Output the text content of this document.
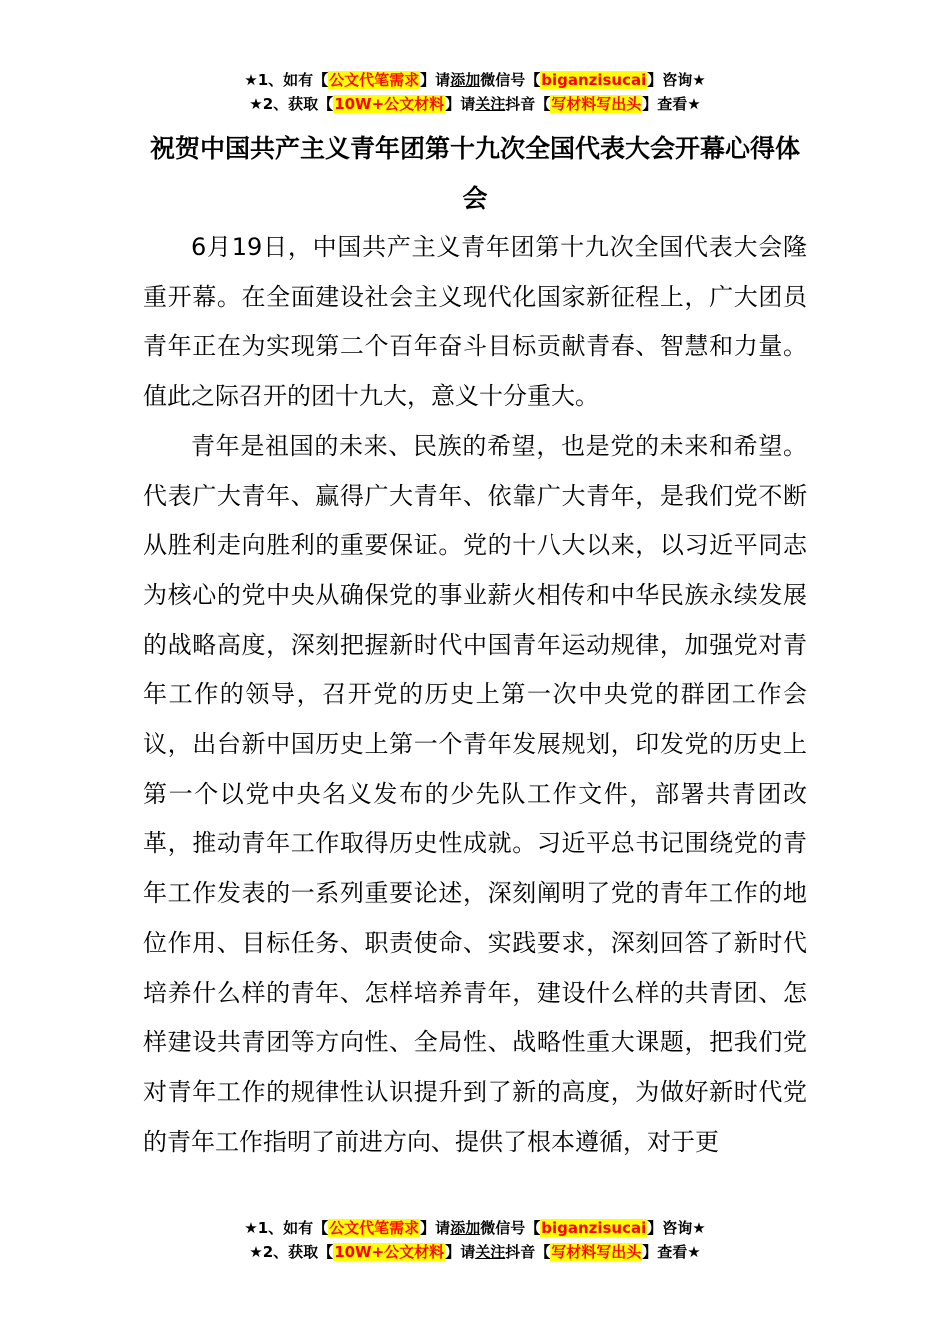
★1、如有【公文代笔需求】请添加微信号【biganzisucai】咨询★
★2、获取【10W+公文材料】请关注抖音【写材料写出头】查看★
祝贺中国共产主义青年团第十九次全国代表大会开幕心得体会

6月19日，中国共产主义青年团第十九次全国代表大会隆重开幕。在全面建设社会主义现代化国家新征程上，广大团员青年正在为实现第二个百年奋斗目标贡献青春、智慧和力量。值此之际召开的团十九大，意义十分重大。

青年是祖国的未来、民族的希望，也是党的未来和希望。代表广大青年、赢得广大青年、依靠广大青年，是我们党不断从胜利走向胜利的重要保证。党的十八大以来，以习近平同志为核心的党中央从确保党的事业薪火相传和中华民族永续发展的战略高度，深刻把握新时代中国青年运动规律，加强党对青年工作的领导，召开党的历史上第一次中央党的群团工作会议，出台新中国历史上第一个青年发展规划，印发党的历史上第一个以党中央名义发布的少先队工作文件，部署共青团改革，推动青年工作取得历史性成就。习近平总书记围绕党的青年工作发表的一系列重要论述，深刻阐明了党的青年工作的地位作用、目标任务、职责使命、实践要求，深刻回答了新时代培养什么样的青年、怎样培养青年，建设什么样的共青团、怎样建设共青团等方向性、全局性、战略性重大课题，把我们党对青年工作的规律性认识提升到了新的高度，为做好新时代党的青年工作指明了前进方向、提供了根本遵循，对于更

★1、如有【公文代笔需求】请添加微信号【biganzisucai】咨询★
★2、获取【10W+公文材料】请关注抖音【写材料写出头】查看★
